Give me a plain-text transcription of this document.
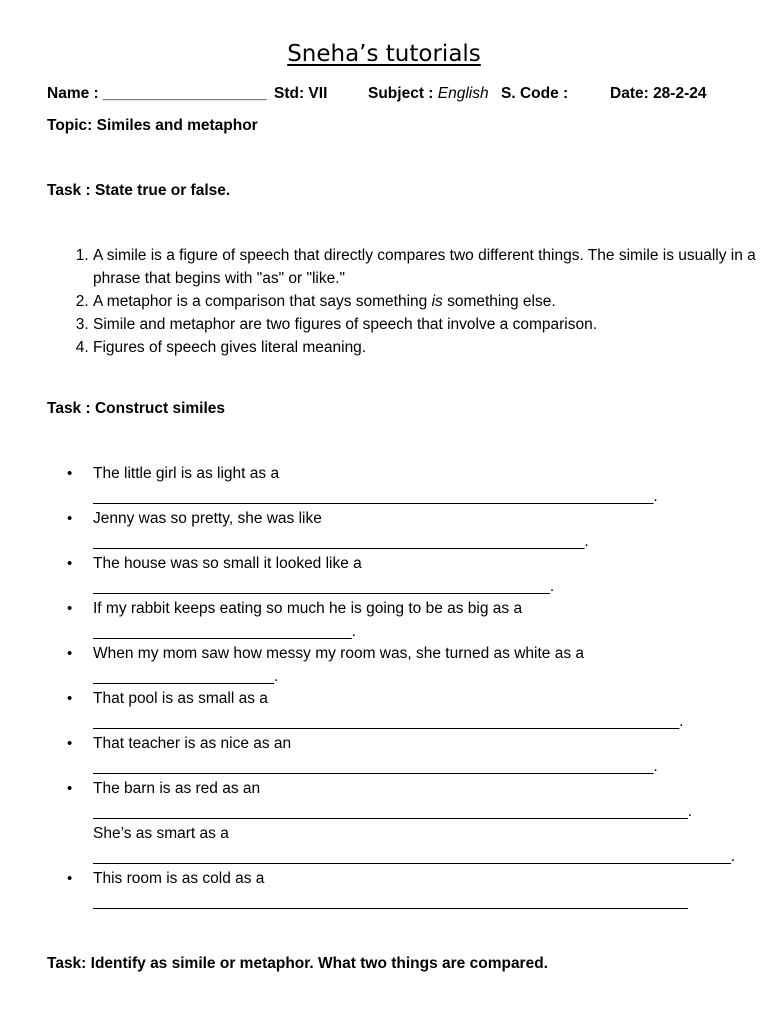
Sneha’s tutorials
Name : ___________________ Std: VII	Subject : English S. Code :	Date: 28-2-24
Topic: Similes and metaphor
Task : State true or false.
1. A simile is a figure of speech that directly compares two different things. The simile is usually in a phrase that begins with "as" or "like."
2. A metaphor is a comparison that says something is something else.
3. Simile and metaphor are two figures of speech that involve a comparison.
4. Figures of speech gives literal meaning.
Task : Construct similes
• The little girl is as light as a
_________________________________________________________________.
• Jenny was so pretty, she was like
_________________________________________________________.
• The house was so small it looked like a
_____________________________________________________.
• If my rabbit keeps eating so much he is going to be as big as a
______________________________.
• When my mom saw how messy my room was, she turned as white as a
_____________________.
• That pool is as small as a
____________________________________________________________________.
• That teacher is as nice as an
_________________________________________________________________.
• The barn is as red as an
_____________________________________________________________________.
She’s as smart as a
__________________________________________________________________________.
• This room is as cold as a
_____________________________________________________________________
Task: Identify as simile or metaphor. What two things are compared.
